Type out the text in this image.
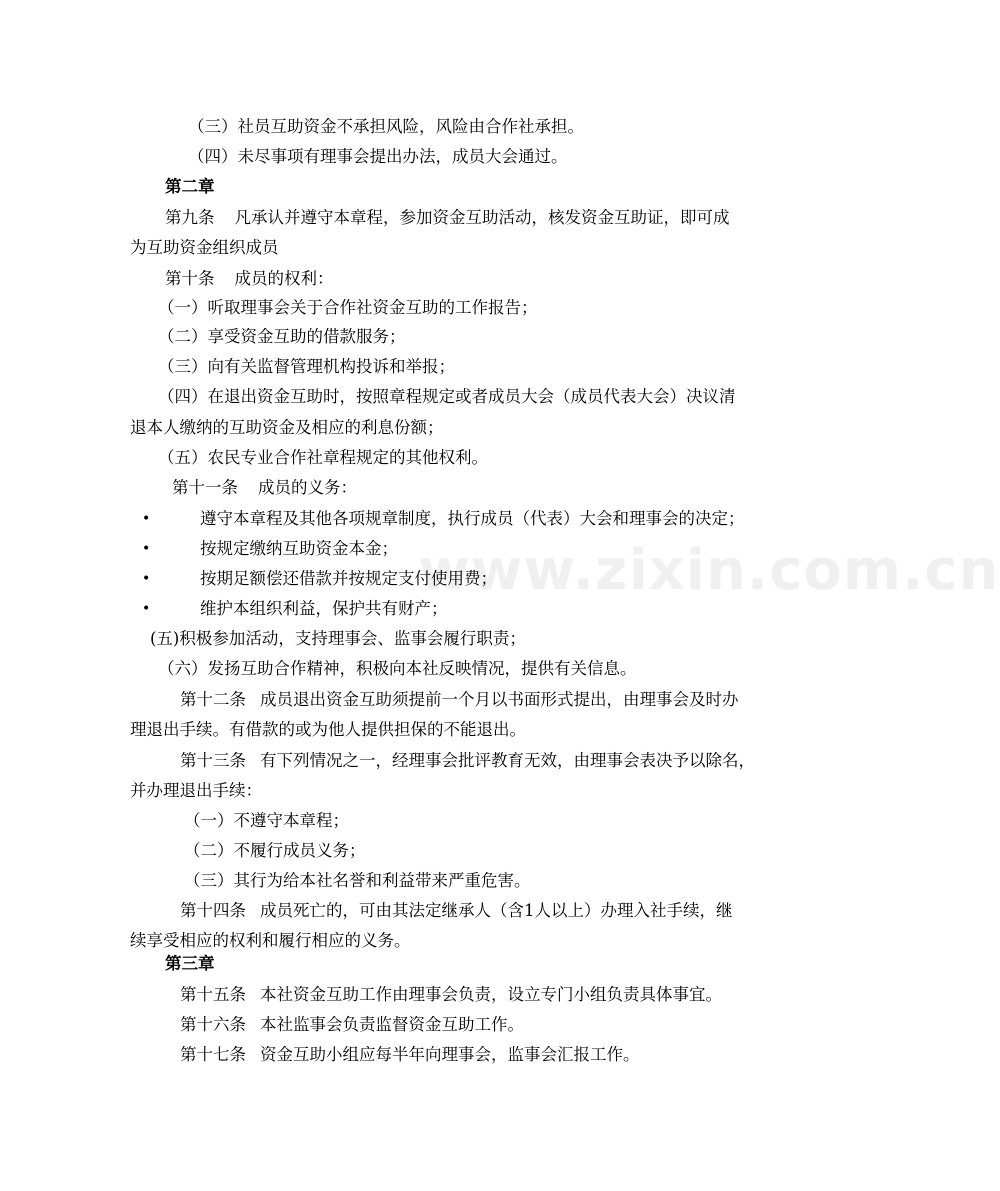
www.zixin.com.cn
（三）社员互助资金不承担风险，风险由合作社承担。
（四）未尽事项有理事会提出办法，成员大会通过。
第二章
第九条 凡承认并遵守本章程，参加资金互助活动，核发资金互助证，即可成
为互助资金组织成员
第十条 成员的权利：
（一）听取理事会关于合作社资金互助的工作报告；
（二）享受资金互助的借款服务；
（三）向有关监督管理机构投诉和举报；
（四）在退出资金互助时，按照章程规定或者成员大会（成员代表大会）决议清
退本人缴纳的互助资金及相应的利息份额；
（五）农民专业合作社章程规定的其他权利。
第十一条 成员的义务：
•	遵守本章程及其他各项规章制度，执行成员（代表）大会和理事会的决定；
•	按规定缴纳互助资金本金；
•	按期足额偿还借款并按规定支付使用费；
•	维护本组织利益，保护共有财产；
(五)积极参加活动，支持理事会、监事会履行职责；
（六）发扬互助合作精神，积极向本社反映情况，提供有关信息。
第十二条 成员退出资金互助须提前一个月以书面形式提出，由理事会及时办
理退出手续。有借款的或为他人提供担保的不能退出。
第十三条 有下列情况之一，经理事会批评教育无效，由理事会表决予以除名，
并办理退出手续：
（一）不遵守本章程；
（二）不履行成员义务；
（三）其行为给本社名誉和利益带来严重危害。
第十四条 成员死亡的，可由其法定继承人（含1人以上）办理入社手续，继
续享受相应的权利和履行相应的义务。
第三章
第十五条 本社资金互助工作由理事会负责，设立专门小组负责具体事宜。
第十六条 本社监事会负责监督资金互助工作。
第十七条 资金互助小组应每半年向理事会，监事会汇报工作。
